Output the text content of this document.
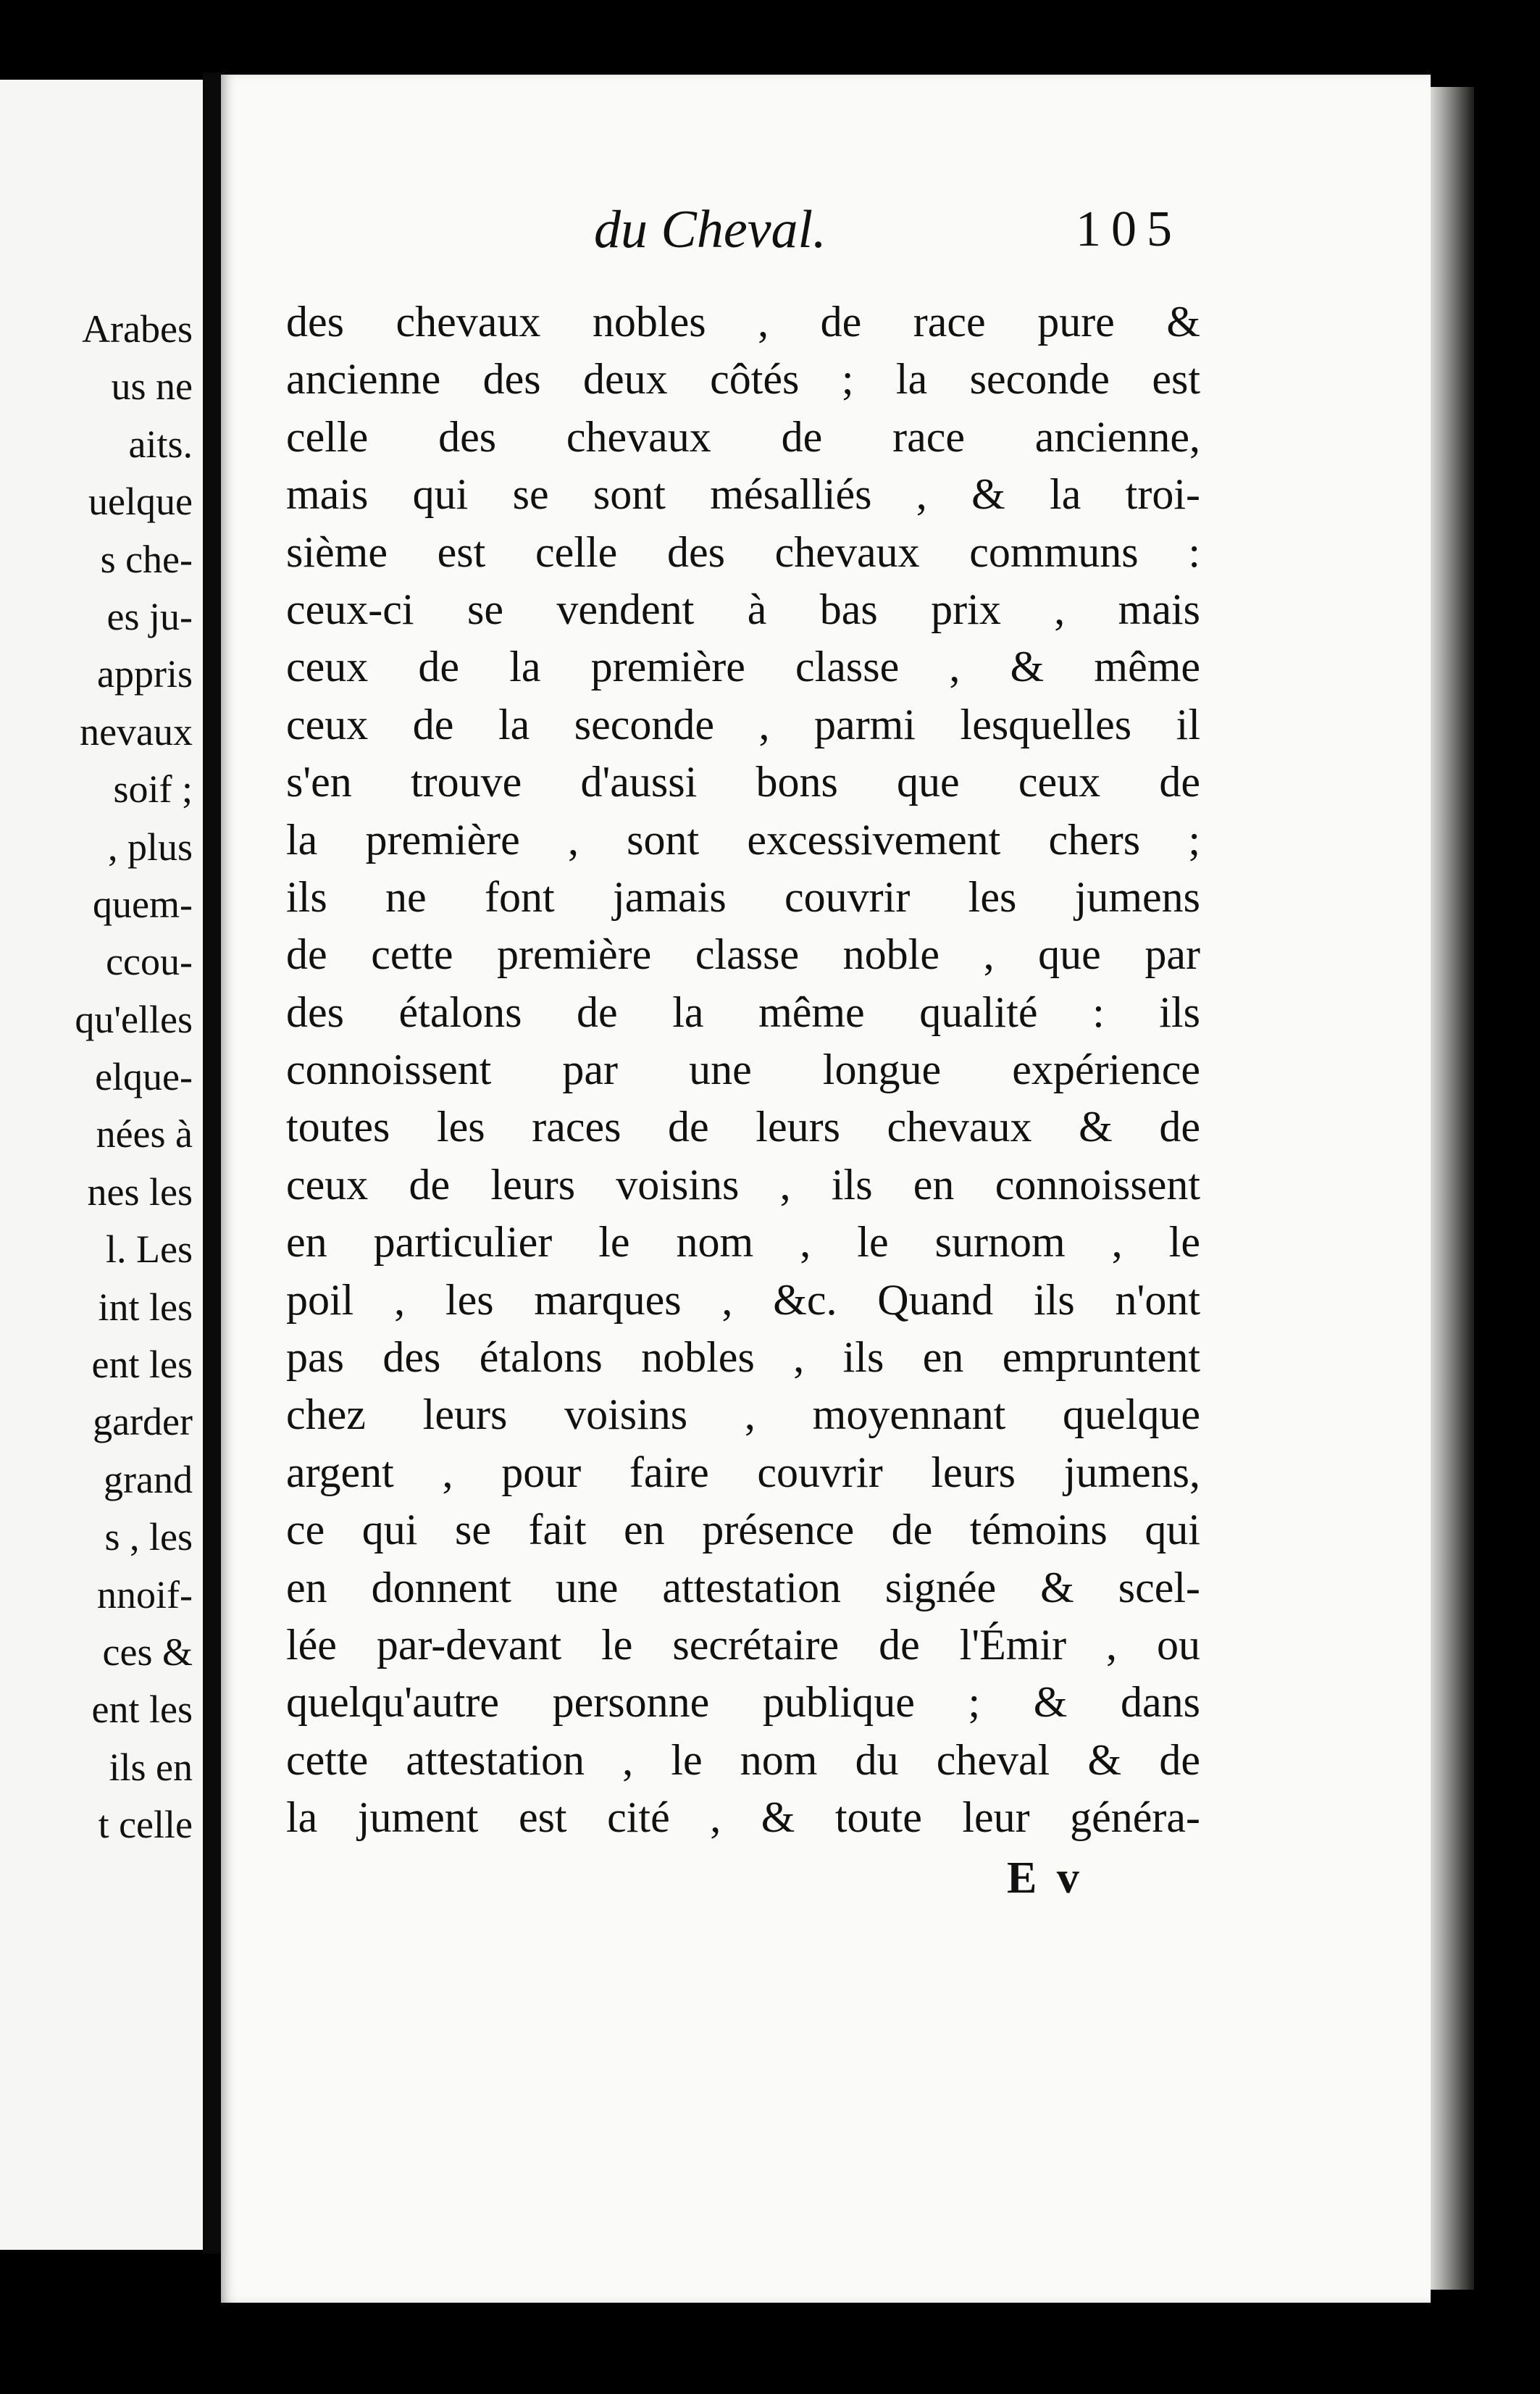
Arabes
us ne
aits.
uelque
s che-
es ju-
appris
nevaux
soif ;
, plus
quem-
ccou-
qu'elles
elque-
nées à
nes les
l. Les
int les
ent les
garder
grand
s , les
nnoif-
ces &
ent les
ils en
t celle
du Cheval.	105
des chevaux nobles , de race pure &
ancienne des deux côtés ; la seconde est
celle des chevaux de race ancienne,
mais qui se sont mésalliés , & la troi-
sième est celle des chevaux communs :
ceux-ci se vendent à bas prix , mais
ceux de la première classe , & même
ceux de la seconde , parmi lesquelles il
s'en trouve d'aussi bons que ceux de
la première , sont excessivement chers ;
ils ne font jamais couvrir les jumens
de cette première classe noble , que par
des étalons de la même qualité : ils
connoissent par une longue expérience
toutes les races de leurs chevaux & de
ceux de leurs voisins , ils en connoissent
en particulier le nom , le surnom , le
poil , les marques , &c. Quand ils n'ont
pas des étalons nobles , ils en empruntent
chez leurs voisins , moyennant quelque
argent , pour faire couvrir leurs jumens,
ce qui se fait en présence de témoins qui
en donnent une attestation signée & scel-
lée par-devant le secrétaire de l'Émir , ou
quelqu'autre personne publique ; & dans
cette attestation , le nom du cheval & de
la jument est cité , & toute leur généra-
E v
